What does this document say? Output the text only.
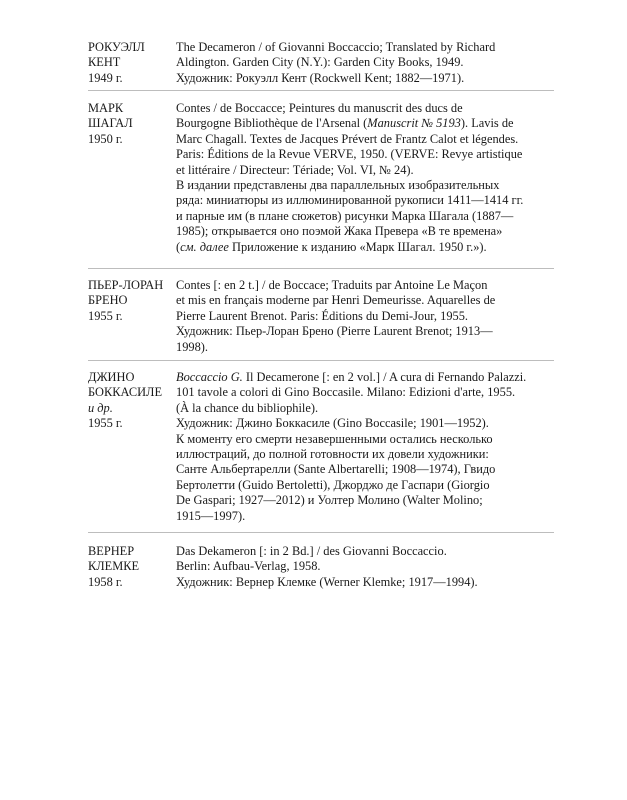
РОКУЭЛЛ
КЕНТ
1949 г.
The Decameron / of Giovanni Boccaccio; Translated by Richard
Aldington. Garden City (N.Y.): Garden City Books, 1949.
Художник: Рокуэлл Кент (Rockwell Kent; 1882—1971).
МАРК
ШАГАЛ
1950 г.
Contes / de Boccacce; Peintures du manuscrit des ducs de
Bourgogne Bibliothèque de l'Arsenal (Manuscrit № 5193). Lavis de
Marc Chagall. Textes de Jacques Prévert de Frantz Calot et légendes.
Paris: Éditions de la Revue VERVE, 1950. (VERVE: Revye artistique
et littéraire / Directeur: Tériade; Vol. VI, № 24).
В издании представлены два параллельных изобразительных
ряда: миниатюры из иллюминированной рукописи 1411—1414 гг.
и парные им (в плане сюжетов) рисунки Марка Шагала (1887—
1985); открывается оно поэмой Жака Превера «В те времена»
(см. далее Приложение к изданию «Марк Шагал. 1950 г.»).
ПЬЕР-ЛОРАН
БРЕНО
1955 г.
Contes [: en 2 t.] / de Boccace; Traduits par Antoine Le Maçon
et mis en français moderne par Henri Demeurisse. Aquarelles de
Pierre Laurent Brenot. Paris: Éditions du Demi-Jour, 1955.
Художник: Пьер-Лоран Брено (Pierre Laurent Brenot; 1913—
1998).
ДЖИНО
БОККАСИЛЕ
и др.
1955 г.
Boccaccio G. Il Decamerone [: en 2 vol.] / A cura di Fernando Palazzi.
101 tavole a colori di Gino Boccasile. Milano: Edizioni d'arte, 1955.
(À la chance du bibliophile).
Художник: Джино Боккасиле (Gino Boccasile; 1901—1952).
К моменту его смерти незавершенными остались несколько
иллюстраций, до полной готовности их довели художники:
Санте Альбертарелли (Sante Albertarelli; 1908—1974), Гвидо
Бертолетти (Guido Bertoletti), Джорджо де Гаспари (Giorgio
De Gaspari; 1927—2012) и Уолтер Молино (Walter Molino;
1915—1997).
ВЕРНЕР
КЛЕМКЕ
1958 г.
Das Dekameron [: in 2 Bd.] / des Giovanni Boccaccio.
Berlin: Aufbau-Verlag, 1958.
Художник: Вернер Клемке (Werner Klemke; 1917—1994).
